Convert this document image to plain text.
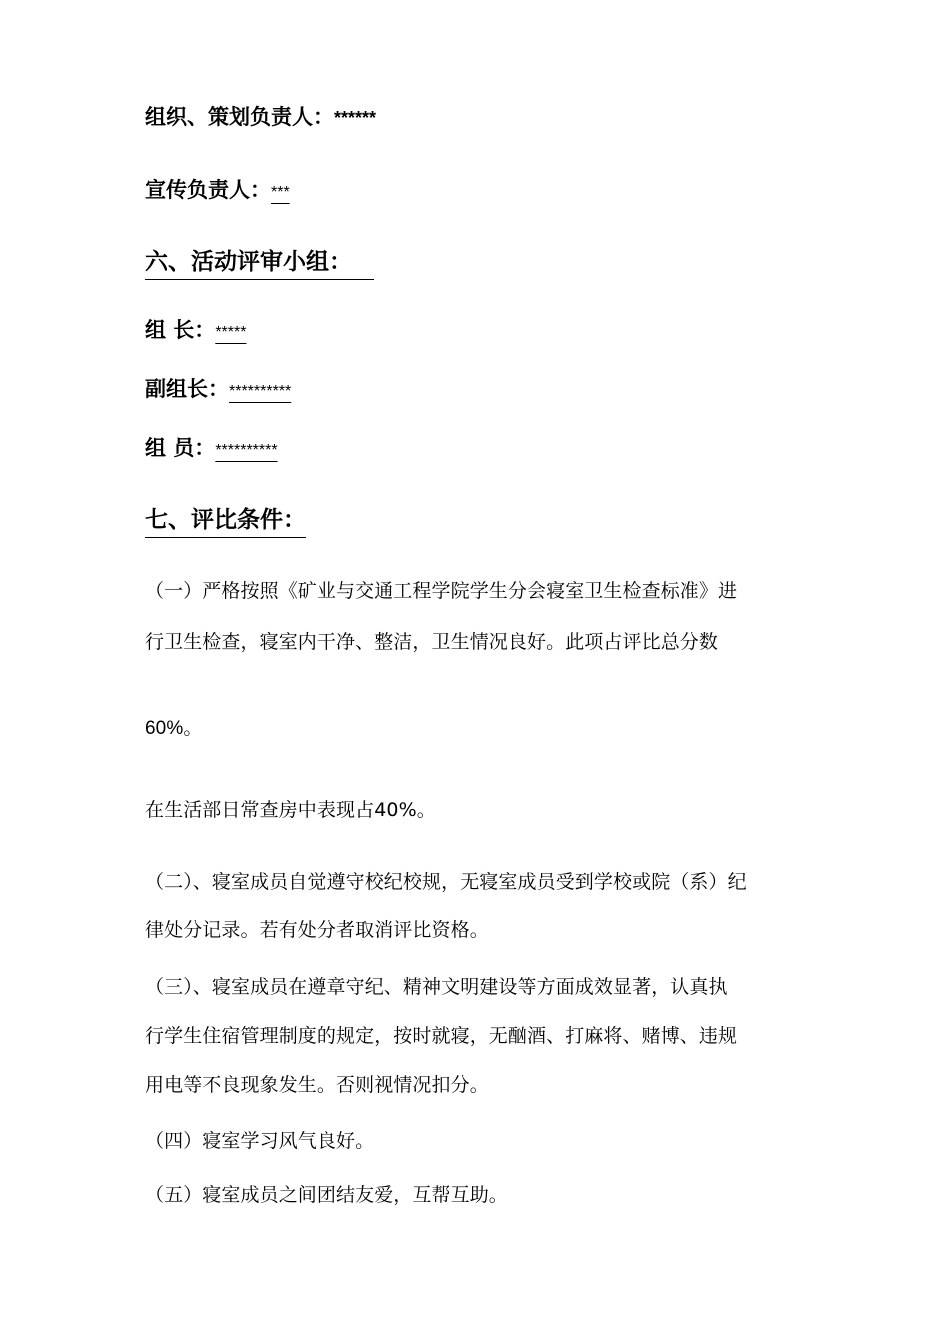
组织、策划负责人：******

宣传负责人：***

六、活动评审小组：

组 长：*****

副组长：**********

组 员：**********

七、评比条件：

（一）严格按照《矿业与交通工程学院学生分会寝室卫生检查标准》进

行卫生检查，寝室内干净、整洁，卫生情况良好。此项占评比总分数

60%。

在生活部日常查房中表现占40%。

（二）、寝室成员自觉遵守校纪校规，无寝室成员受到学校或院（系）纪

律处分记录。若有处分者取消评比资格。

（三）、寝室成员在遵章守纪、精神文明建设等方面成效显著，认真执

行学生住宿管理制度的规定，按时就寝，无酗酒、打麻将、赌博、违规

用电等不良现象发生。否则视情况扣分。

（四）寝室学习风气良好。

（五）寝室成员之间团结友爱，互帮互助。
